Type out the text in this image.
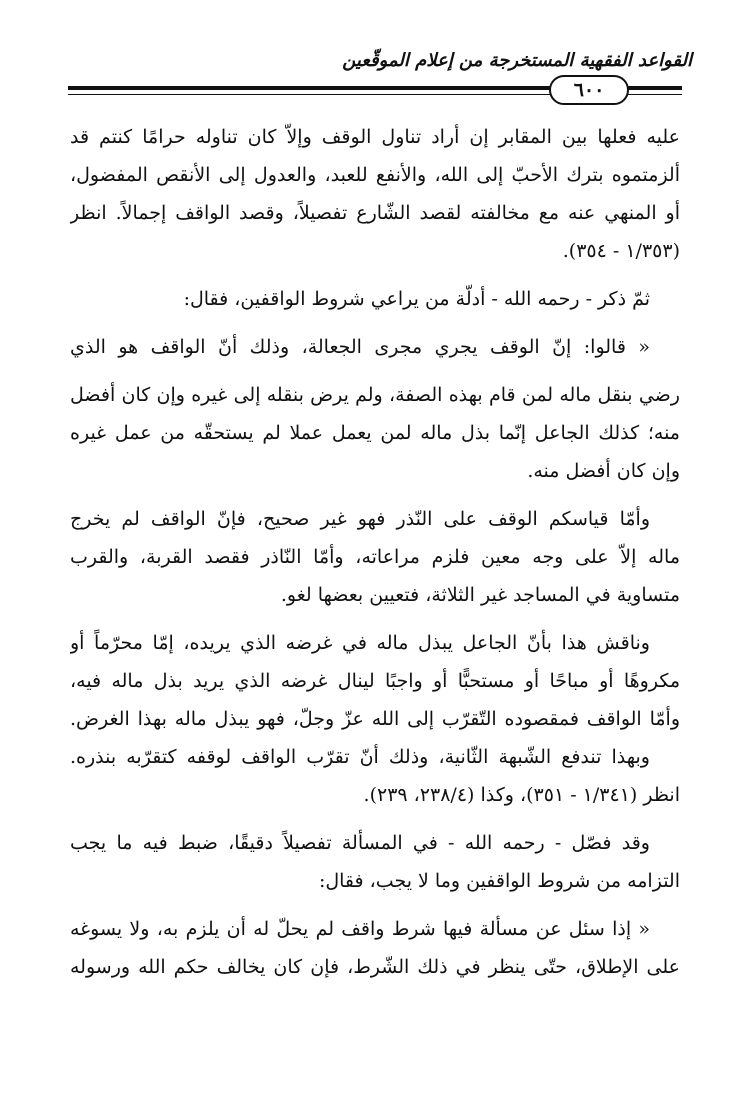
القواعد الفقهية المستخرجة من إعلام الموقّعين
٦٠٠
عليه فعلها بين المقابر إن أراد تناول الوقف وإلاّ كان تناوله حرامًا كنتم قد
ألزمتموه بترك الأحبّ إلى الله، والأنفع للعبد، والعدول إلى الأنقص المفضول،
أو المنهي عنه مع مخالفته لقصد الشّارع تفصيلاً، وقصد الواقف إجمالاً. انظر
(١/٣٥٣ - ٣٥٤).
ثمّ ذكر - رحمه الله - أدلّة من يراعي شروط الواقفين، فقال:
« قالوا: إنّ الوقف يجري مجرى الجعالة، وذلك أنّ الواقف هو الذي
رضي بنقل ماله لمن قام بهذه الصفة، ولم يرض بنقله إلى غيره وإن كان أفضل
منه؛ كذلك الجاعل إنّما بذل ماله لمن يعمل عملا لم يستحقّه من عمل غيره
وإن كان أفضل منه.
وأمّا قياسكم الوقف على النّذر فهو غير صحيح، فإنّ الواقف لم يخرج
ماله إلاّ على وجه معين فلزم مراعاته، وأمّا النّاذر فقصد القربة، والقرب
متساوية في المساجد غير الثلاثة، فتعيين بعضها لغو.
وناقش هذا بأنّ الجاعل يبذل ماله في غرضه الذي يريده، إمّا محرّماً أو
مكروهًا أو مباحًا أو مستحبًّا أو واجبًا لينال غرضه الذي يريد بذل ماله فيه،
وأمّا الواقف فمقصوده التّقرّب إلى الله عزّ وجلّ، فهو يبذل ماله بهذا الغرض.
وبهذا تندفع الشّبهة الثّانية، وذلك أنّ تقرّب الواقف لوقفه كتقرّبه بنذره.
انظر (١/٣٤١ - ٣٥١)، وكذا (٢٣٨/٤، ٢٣٩).
وقد فصّل - رحمه الله - في المسألة تفصيلاً دقيقًا، ضبط فيه ما يجب
التزامه من شروط الواقفين وما لا يجب، فقال:
« إذا سئل عن مسألة فيها شرط واقف لم يحلّ له أن يلزم به، ولا يسوغه
على الإطلاق، حتّى ينظر في ذلك الشّرط، فإن كان يخالف حكم الله ورسوله
